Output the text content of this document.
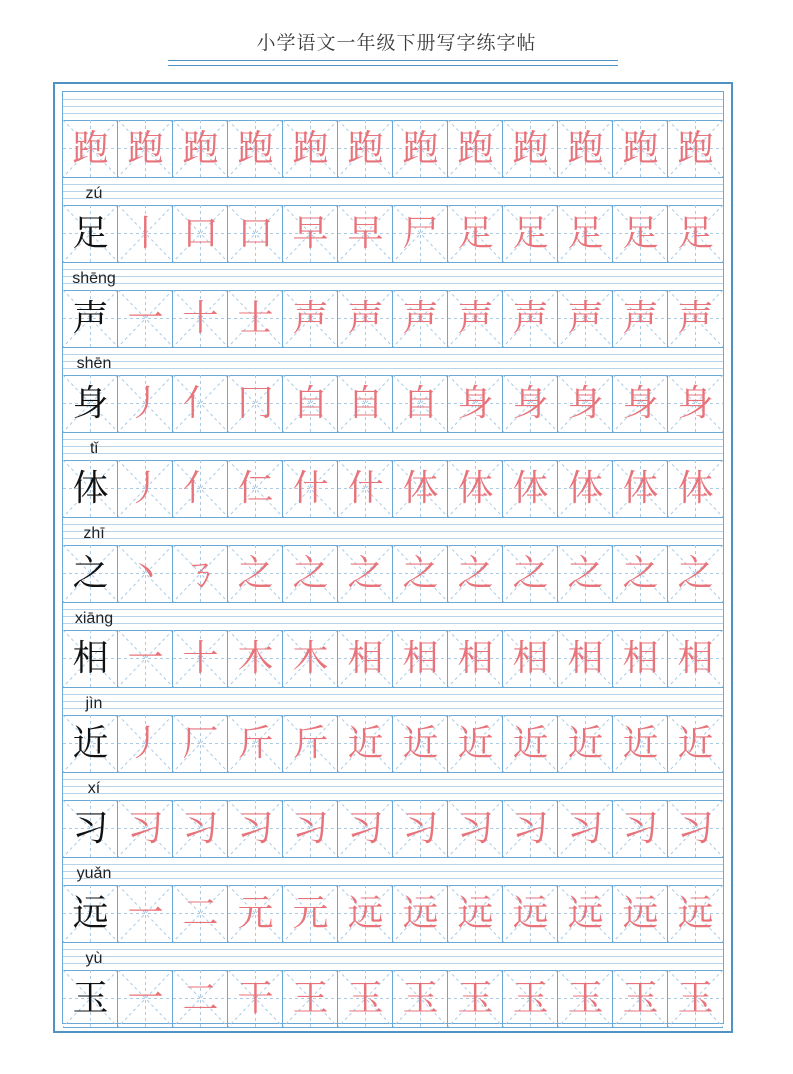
小学语文一年级下册写字练字帖
跑 跑 跑 跑 跑 跑 跑 跑 跑 跑 跑 跑
zú
足 丨 口 口 早 早 尸 足 足 足 足 足
shēng
声 一 十 士 声 声 声 声 声 声 声 声
shēn
身 丿 亻 冂 自 自 自 身 身 身 身 身
tǐ
体 丿 亻 仁 什 什 体 体 体 体 体 体
zhī
之 丶 ㄋ 之 之 之 之 之 之 之 之 之
xiāng
相 一 十 木 木 相 相 相 相 相 相 相
jìn
近 丿 厂 斤 斤 近 近 近 近 近 近 近
xí
习 习 习 习 习 习 习 习 习 习 习 习
yuǎn
远 一 二 元 元 远 远 远 远 远 远 远
yù
玉 一 二 干 王 玉 玉 玉 玉 玉 玉 玉
